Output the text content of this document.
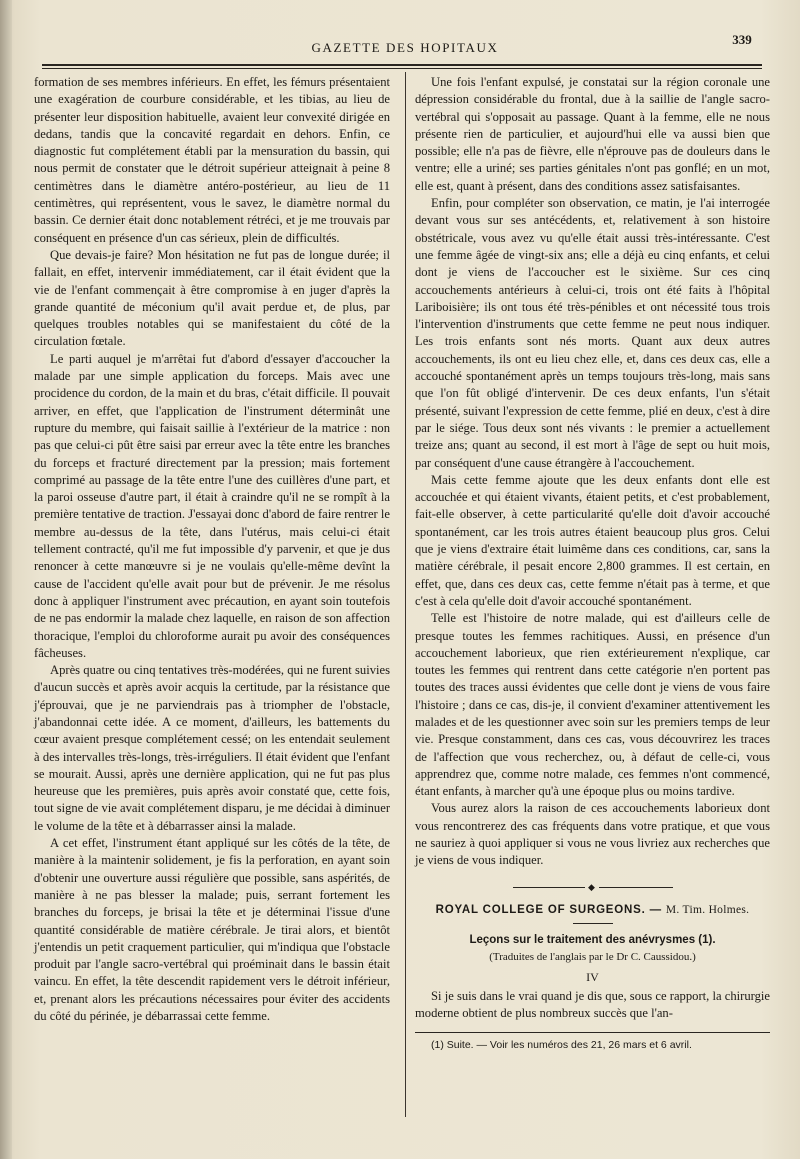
GAZETTE DES HOPITAUX
339

formation de ses membres inférieurs. En effet, les fémurs présentaient une exagération de courbure considérable, et les tibias, au lieu de présenter leur disposition habituelle, avaient leur convexité dirigée en dedans, tandis que la concavité regardait en dehors. Enfin, ce diagnostic fut complétement établi par la mensuration du bassin, qui nous permit de constater que le détroit supérieur atteignait à peine 8 centimètres dans le diamètre antéro-postérieur, au lieu de 11 centimètres, qui représentent, vous le savez, le diamètre normal du bassin. Ce dernier était donc notablement rétréci, et je me trouvais par conséquent en présence d'un cas sérieux, plein de difficultés.

Que devais-je faire? Mon hésitation ne fut pas de longue durée; il fallait, en effet, intervenir immédiatement, car il était évident que la vie de l'enfant commençait à être compromise à en juger d'après la grande quantité de méconium qu'il avait perdue et, de plus, par quelques troubles notables qui se manifestaient du côté de la circulation fœtale.

Le parti auquel je m'arrêtai fut d'abord d'essayer d'accoucher la malade par une simple application du forceps. Mais avec une procidence du cordon, de la main et du bras, c'était difficile. Il pouvait arriver, en effet, que l'application de l'instrument déterminât une rupture du membre, qui faisait saillie à l'extérieur de la matrice : non pas que celui-ci pût être saisi par erreur avec la tête entre les branches du forceps et fracturé directement par la pression; mais fortement comprimé au passage de la tête entre l'une des cuillères d'une part, et la paroi osseuse d'autre part, il était à craindre qu'il ne se rompît à la première tentative de traction. J'essayai donc d'abord de faire rentrer le membre au-dessus de la tête, dans l'utérus, mais celui-ci était tellement contracté, qu'il me fut impossible d'y parvenir, et que je dus renoncer à cette manœuvre si je ne voulais qu'elle-même devînt la cause de l'accident qu'elle avait pour but de prévenir. Je me résolus donc à appliquer l'instrument avec précaution, en ayant soin toutefois de ne pas endormir la malade chez laquelle, en raison de son affection thoracique, l'emploi du chloroforme aurait pu avoir des conséquences fâcheuses.

Après quatre ou cinq tentatives très-modérées, qui ne furent suivies d'aucun succès et après avoir acquis la certitude, par la résistance que j'éprouvai, que je ne parviendrais pas à triompher de l'obstacle, j'abandonnai cette idée. A ce moment, d'ailleurs, les battements du cœur avaient presque complétement cessé; on les entendait seulement à des intervalles très-longs, très-irréguliers. Il était évident que l'enfant se mourait. Aussi, après une dernière application, qui ne fut pas plus heureuse que les premières, puis après avoir constaté que, cette fois, tout signe de vie avait complétement disparu, je me décidai à diminuer le volume de la tête et à débarrasser ainsi la malade.

A cet effet, l'instrument étant appliqué sur les côtés de la tête, de manière à la maintenir solidement, je fis la perforation, en ayant soin d'obtenir une ouverture aussi régulière que possible, sans aspérités, de manière à ne pas blesser la malade; puis, serrant fortement les branches du forceps, je brisai la tête et je déterminai l'issue d'une quantité considérable de matière cérébrale. Je tirai alors, et bientôt j'entendis un petit craquement particulier, qui m'indiqua que l'obstacle produit par l'angle sacro-vertébral qui proéminait dans le bassin était vaincu. En effet, la tête descendit rapidement vers le détroit inférieur, et, prenant alors les précautions nécessaires pour éviter des accidents du côté du périnée, je débarrassai cette femme.

Une fois l'enfant expulsé, je constatai sur la région coronale une dépression considérable du frontal, due à la saillie de l'angle sacro-vertébral qui s'opposait au passage. Quant à la femme, elle ne nous présente rien de particulier, et aujourd'hui elle va aussi bien que possible; elle n'a pas de fièvre, elle n'éprouve pas de douleurs dans le ventre; elle a uriné; ses parties génitales n'ont pas gonflé; en un mot, elle est, quant à présent, dans des conditions assez satisfaisantes.

Enfin, pour compléter son observation, ce matin, je l'ai interrogée devant vous sur ses antécédents, et, relativement à son histoire obstétricale, vous avez vu qu'elle était aussi très-intéressante. C'est une femme âgée de vingt-six ans; elle a déjà eu cinq enfants, et celui dont je viens de l'accoucher est le sixième. Sur ces cinq accouchements antérieurs à celui-ci, trois ont été faits à l'hôpital Lariboisière; ils ont tous été très-pénibles et ont nécessité tous trois l'intervention d'instruments que cette femme ne peut nous indiquer. Les trois enfants sont nés morts. Quant aux deux autres accouchements, ils ont eu lieu chez elle, et, dans ces deux cas, elle a accouché spontanément après un temps toujours très-long, mais sans que l'on fût obligé d'intervenir. De ces deux enfants, l'un s'était présenté, suivant l'expression de cette femme, plié en deux, c'est à dire par le siége. Tous deux sont nés vivants : le premier a actuellement treize ans; quant au second, il est mort à l'âge de sept ou huit mois, par conséquent d'une cause étrangère à l'accouchement.

Mais cette femme ajoute que les deux enfants dont elle est accouchée et qui étaient vivants, étaient petits, et c'est probablement, fait-elle observer, à cette particularité qu'elle doit d'avoir accouché spontanément, car les trois autres étaient beaucoup plus gros. Celui que je viens d'extraire était luimême dans ces conditions, car, sans la matière cérébrale, il pesait encore 2,800 grammes. Il est certain, en effet, que, dans ces deux cas, cette femme n'était pas à terme, et que c'est à cela qu'elle doit d'avoir accouché spontanément.

Telle est l'histoire de notre malade, qui est d'ailleurs celle de presque toutes les femmes rachitiques. Aussi, en présence d'un accouchement laborieux, que rien extérieurement n'explique, car toutes les femmes qui rentrent dans cette catégorie n'en portent pas toutes des traces aussi évidentes que celle dont je viens de vous faire l'histoire ; dans ce cas, dis-je, il convient d'examiner attentivement les malades et de les questionner avec soin sur les premiers temps de leur vie. Presque constamment, dans ces cas, vous découvrirez les traces de l'affection que vous recherchez, ou, à défaut de celle-ci, vous apprendrez que, comme notre malade, ces femmes n'ont commencé, étant enfants, à marcher qu'à une époque plus ou moins tardive.

Vous aurez alors la raison de ces accouchements laborieux dont vous rencontrerez des cas fréquents dans votre pratique, et que vous ne sauriez à quoi appliquer si vous ne vous livriez aux recherches que je viens de vous indiquer.

◆
ROYAL COLLEGE OF SURGEONS. — M. Tim. Holmes.
Leçons sur le traitement des anévrysmes (1).
(Traduites de l'anglais par le Dr C. Caussidou.)
IV

Si je suis dans le vrai quand je dis que, sous ce rapport, la chirurgie moderne obtient de plus nombreux succès que l'an-

(1) Suite. — Voir les numéros des 21, 26 mars et 6 avril.
